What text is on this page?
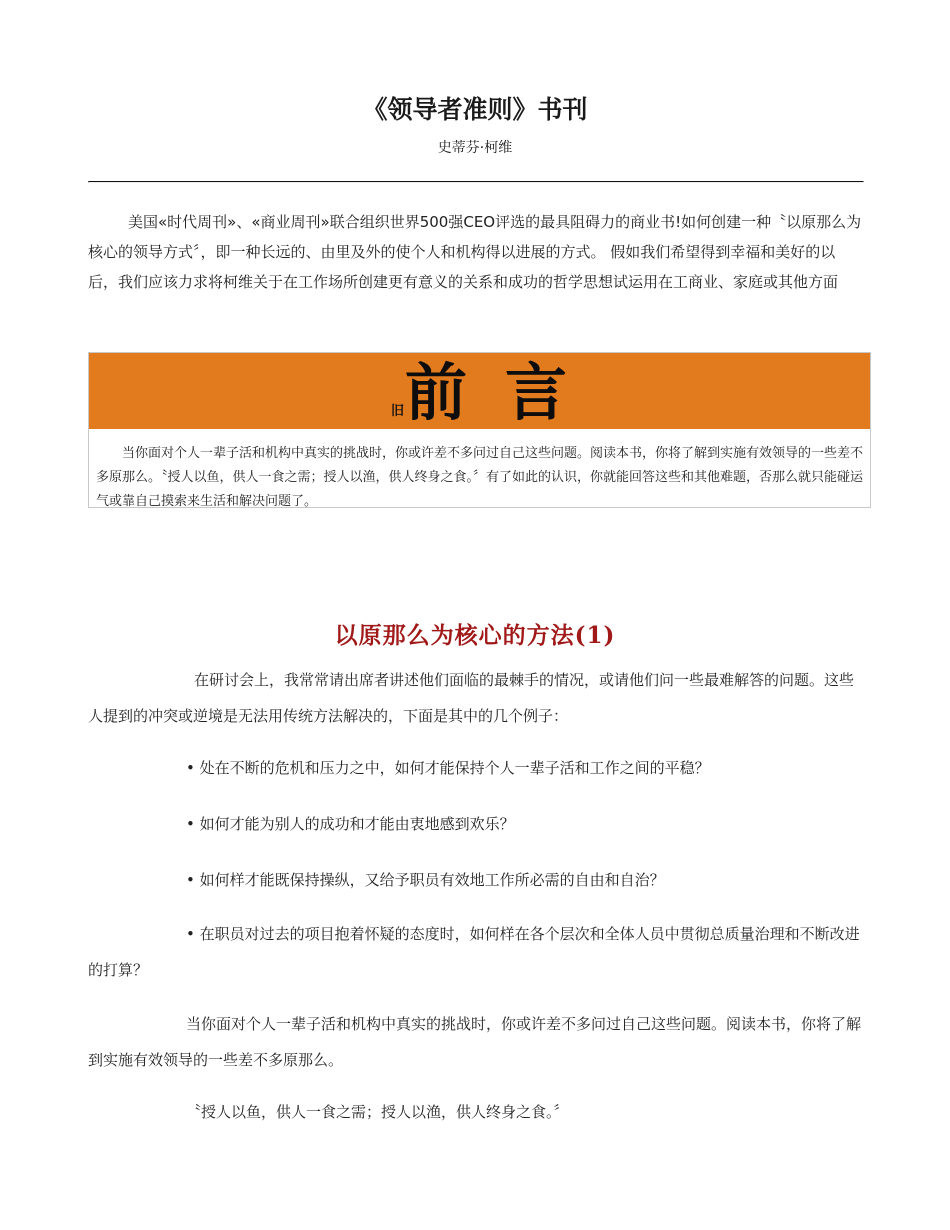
《领导者准则》书刊

史蒂芬·柯维

美国«时代周刊»、«商业周刊»联合组织世界500强CEO评选的最具阻碍力的商业书!如何创建一种〝以原那么为核心的领导方式〞，即一种长远的、由里及外的使个人和机构得以进展的方式。 假如我们希望得到幸福和美好的以后，我们应该力求将柯维关于在工作场所创建更有意义的关系和成功的哲学思想试运用在工商业、家庭或其他方面

旧 前言

当你面对个人一辈子活和机构中真实的挑战时，你或许差不多问过自己这些问题。阅读本书，你将了解到实施有效领导的一些差不多原那么。〝授人以鱼，供人一食之需；授人以渔，供人终身之食。〞有了如此的认识，你就能回答这些和其他难题，否那么就只能碰运气或靠自己摸索来生活和解决问题了。

以原那么为核心的方法(1)

在研讨会上，我常常请出席者讲述他们面临的最棘手的情况，或请他们问一些最难解答的问题。这些人提到的冲突或逆境是无法用传统方法解决的，下面是其中的几个例子：

• 处在不断的危机和压力之中，如何才能保持个人一辈子活和工作之间的平稳？

• 如何才能为别人的成功和才能由衷地感到欢乐？

• 如何样才能既保持操纵，又给予职员有效地工作所必需的自由和自治？

• 在职员对过去的项目抱着怀疑的态度时，如何样在各个层次和全体人员中贯彻总质量治理和不断改进的打算？

当你面对个人一辈子活和机构中真实的挑战时，你或许差不多问过自己这些问题。阅读本书，你将了解到实施有效领导的一些差不多原那么。

〝授人以鱼，供人一食之需；授人以渔，供人终身之食。〞
